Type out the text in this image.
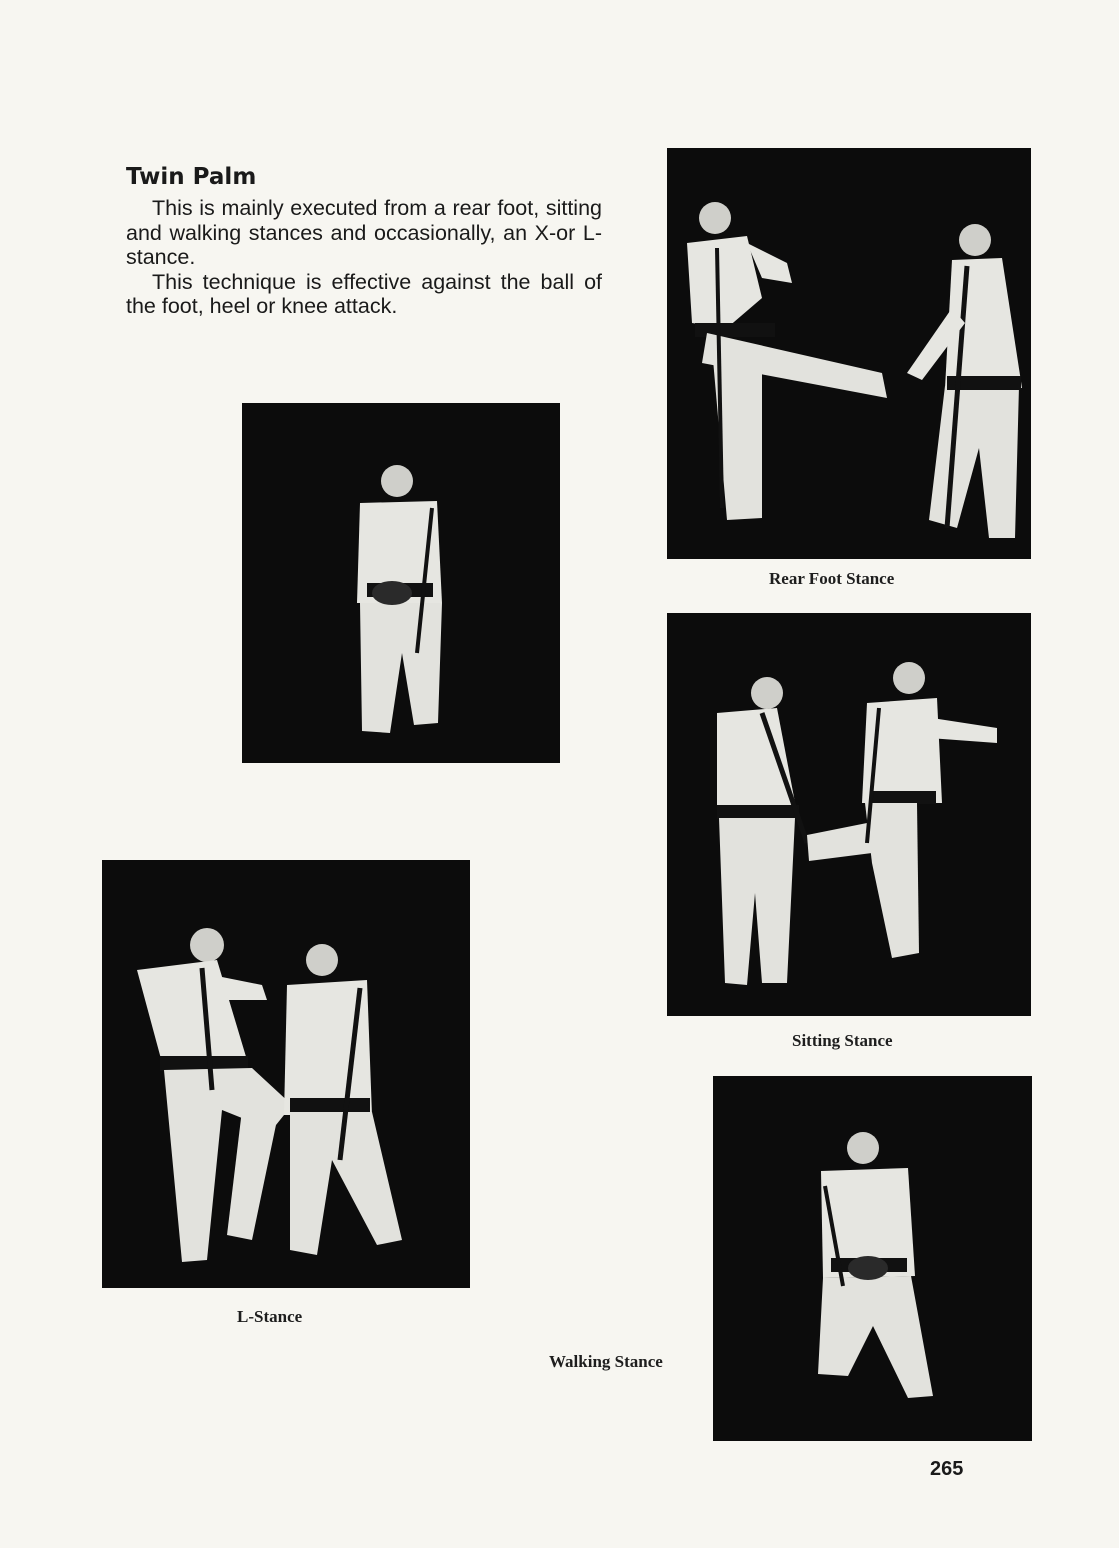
Twin Palm

This is mainly executed from a rear foot, sitting and walking stances and occasionally, an X-or L-stance.

This technique is effective against the ball of the foot, heel or knee attack.

Rear Foot Stance
Sitting Stance
L-Stance
Walking Stance
265
